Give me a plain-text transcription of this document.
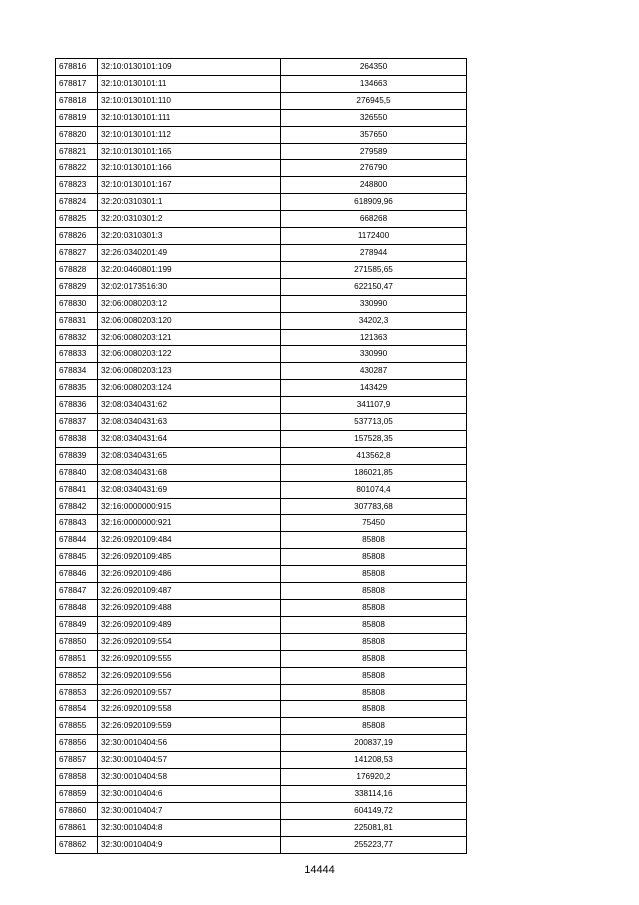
678816	32:10:0130101:109	264350
678817	32:10:0130101:11	134663
678818	32:10:0130101:110	276945,5
678819	32:10:0130101:111	326550
678820	32:10:0130101:112	357650
678821	32:10:0130101:165	279589
678822	32:10:0130101:166	276790
678823	32:10:0130101:167	248800
678824	32:20:0310301:1	618909,96
678825	32:20:0310301:2	668268
678826	32:20:0310301:3	1172400
678827	32:26:0340201:49	278944
678828	32:20:0460801:199	271585,65
678829	32:02:0173516:30	622150,47
678830	32:06:0080203:12	330990
678831	32:06:0080203:120	34202,3
678832	32:06:0080203:121	121363
678833	32:06:0080203:122	330990
678834	32:06:0080203:123	430287
678835	32:06:0080203:124	143429
678836	32:08:0340431:62	341107,9
678837	32:08:0340431:63	537713,05
678838	32:08:0340431:64	157528,35
678839	32:08:0340431:65	413562,8
678840	32:08:0340431:68	186021,85
678841	32:08:0340431:69	801074,4
678842	32:16:0000000:915	307783,68
678843	32:16:0000000:921	75450
678844	32:26:0920109:484	85808
678845	32:26:0920109:485	85808
678846	32:26:0920109:486	85808
678847	32:26:0920109:487	85808
678848	32:26:0920109:488	85808
678849	32:26:0920109:489	85808
678850	32:26:0920109:554	85808
678851	32:26:0920109:555	85808
678852	32:26:0920109:556	85808
678853	32:26:0920109:557	85808
678854	32:26:0920109:558	85808
678855	32:26:0920109:559	85808
678856	32:30:0010404:56	200837,19
678857	32:30:0010404:57	141208,53
678858	32:30:0010404:58	176920,2
678859	32:30:0010404:6	338114,16
678860	32:30:0010404:7	604149,72
678861	32:30:0010404:8	225081,81
678862	32:30:0010404:9	255223,77
14444
